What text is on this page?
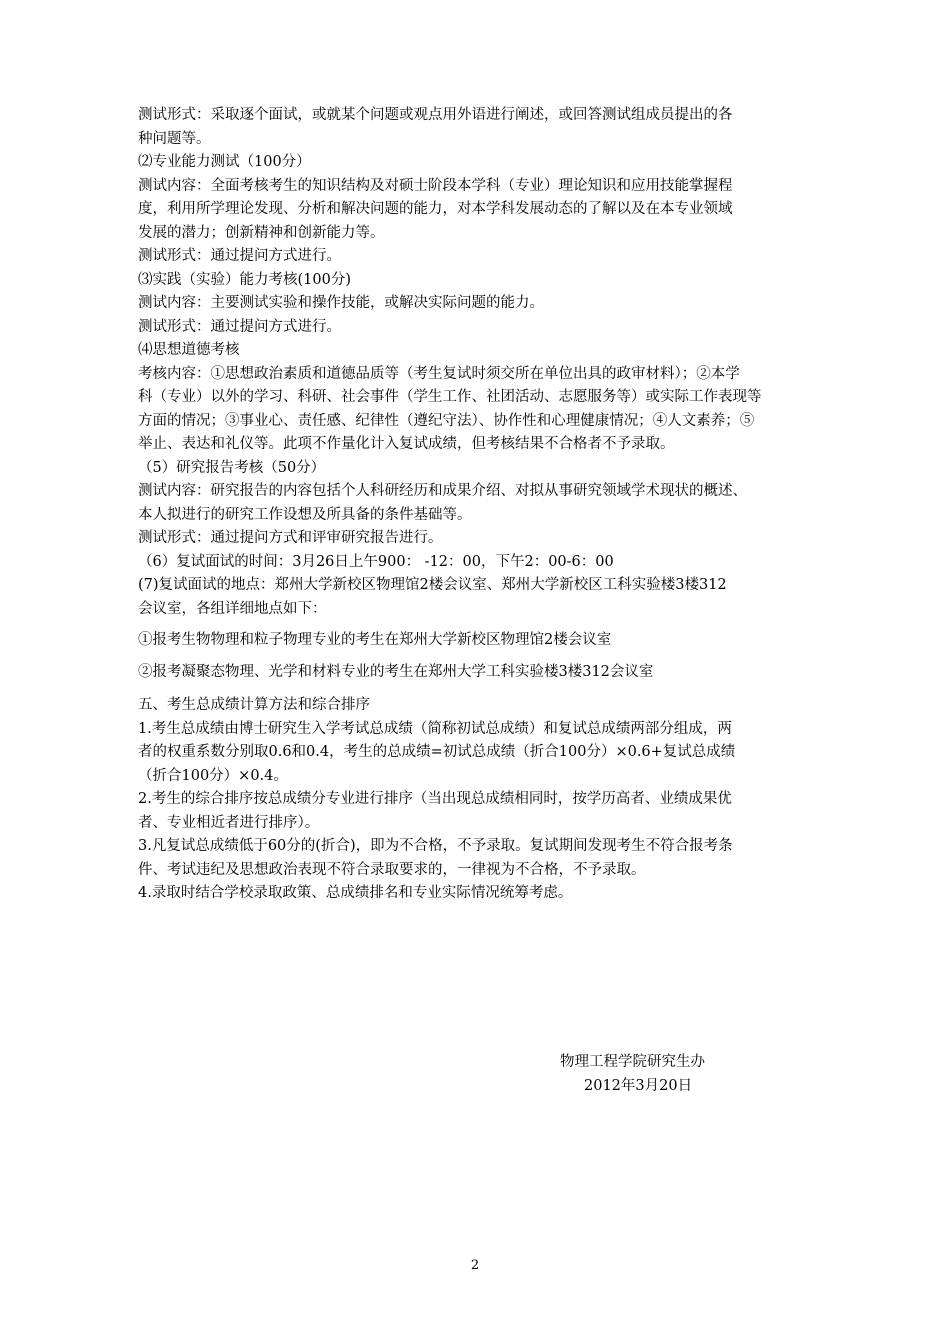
测试形式：采取逐个面试，或就某个问题或观点用外语进行阐述，或回答测试组成员提出的各
种问题等。
⑵专业能力测试（100分）
测试内容：全面考核考生的知识结构及对硕士阶段本学科（专业）理论知识和应用技能掌握程
度，利用所学理论发现、分析和解决问题的能力，对本学科发展动态的了解以及在本专业领域
发展的潜力；创新精神和创新能力等。
测试形式：通过提问方式进行。
⑶实践（实验）能力考核(100分)
测试内容：主要测试实验和操作技能，或解决实际问题的能力。
测试形式：通过提问方式进行。
⑷思想道德考核
考核内容：①思想政治素质和道德品质等（考生复试时须交所在单位出具的政审材料）；②本学
科（专业）以外的学习、科研、社会事件（学生工作、社团活动、志愿服务等）或实际工作表现等
方面的情况；③事业心、责任感、纪律性（遵纪守法）、协作性和心理健康情况；④人文素养；⑤
举止、表达和礼仪等。此项不作量化计入复试成绩，但考核结果不合格者不予录取。
（5）研究报告考核（50分）
测试内容：研究报告的内容包括个人科研经历和成果介绍、对拟从事研究领域学术现状的概述、
本人拟进行的研究工作设想及所具备的条件基础等。
测试形式：通过提问方式和评审研究报告进行。
（6）复试面试的时间：3月26日上午900： -12：00，下午2：00-6：00
(7)复试面试的地点：郑州大学新校区物理馆2楼会议室、郑州大学新校区工科实验楼3楼312
会议室，各组详细地点如下：
①报考生物物理和粒子物理专业的考生在郑州大学新校区物理馆2楼会议室
②报考凝聚态物理、光学和材料专业的考生在郑州大学工科实验楼3楼312会议室
五、考生总成绩计算方法和综合排序
1.考生总成绩由博士研究生入学考试总成绩（简称初试总成绩）和复试总成绩两部分组成，两
者的权重系数分别取0.6和0.4，考生的总成绩=初试总成绩（折合100分）×0.6+复试总成绩
（折合100分）×0.4。
2.考生的综合排序按总成绩分专业进行排序（当出现总成绩相同时，按学历高者、业绩成果优
者、专业相近者进行排序）。
3.凡复试总成绩低于60分的(折合)，即为不合格，不予录取。复试期间发现考生不符合报考条
件、考试违纪及思想政治表现不符合录取要求的，一律视为不合格，不予录取。
4.录取时结合学校录取政策、总成绩排名和专业实际情况统筹考虑。
物理工程学院研究生办
2012年3月20日
2
